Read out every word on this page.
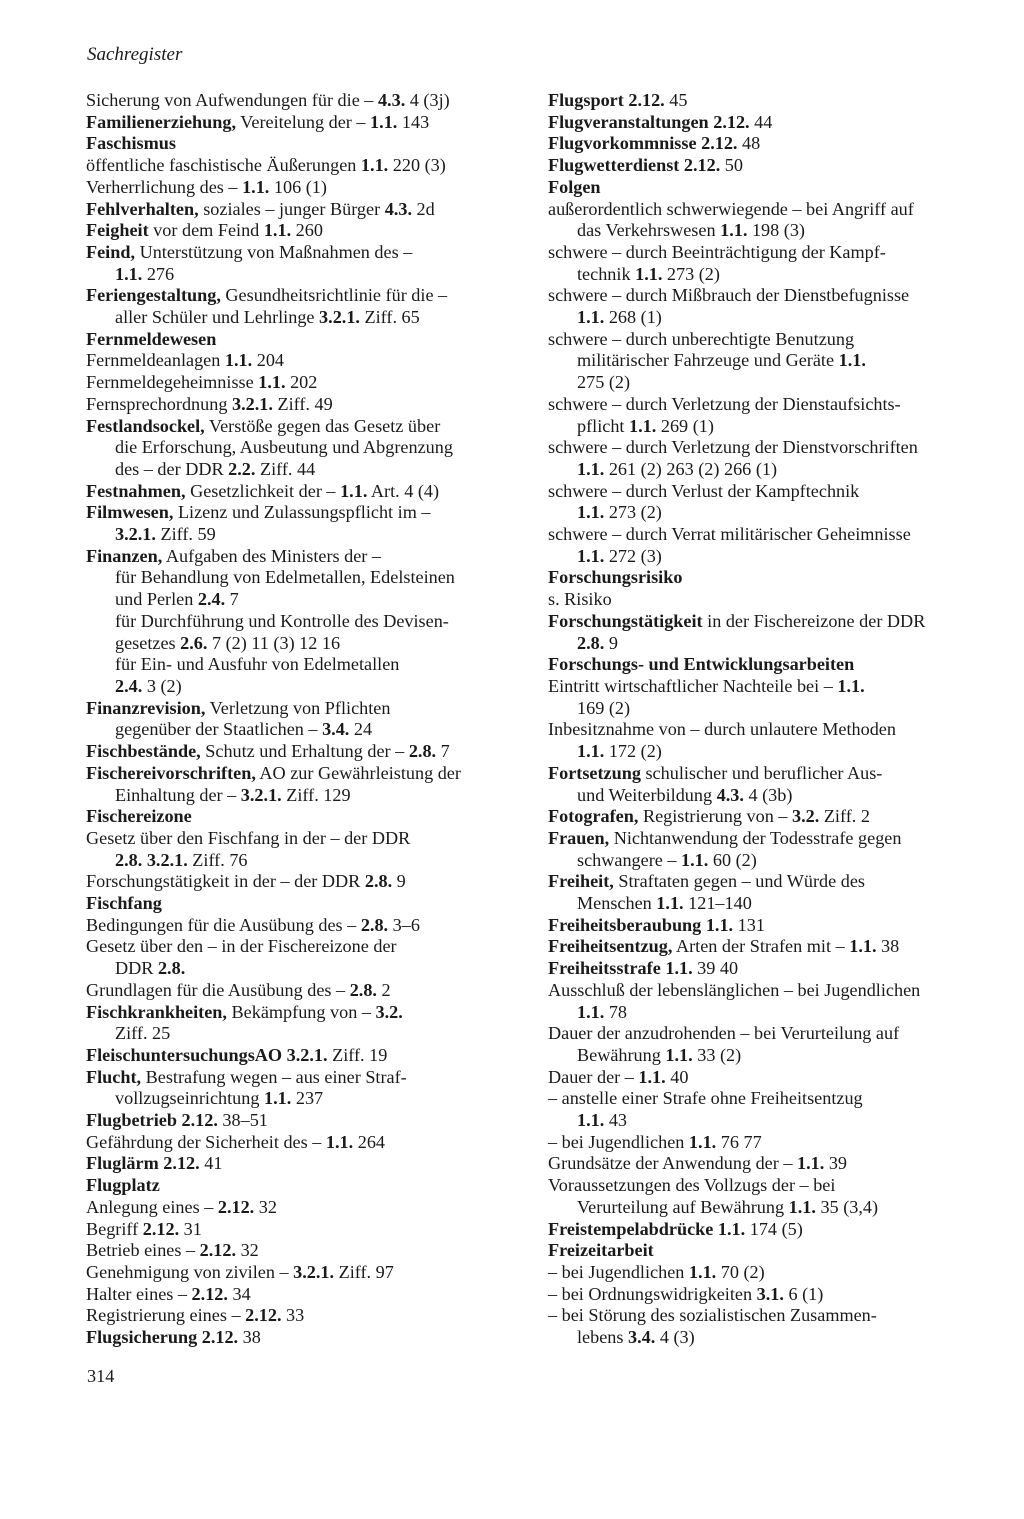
Sachregister
Sicherung von Aufwendungen für die – 4.3. 4 (3j)
Familienerziehung, Vereitelung der – 1.1. 143
Faschismus
öffentliche faschistische Äußerungen 1.1. 220 (3)
Verherrlichung des – 1.1. 106 (1)
Fehlverhalten, soziales – junger Bürger 4.3. 2d
Feigheit vor dem Feind 1.1. 260
Feind, Unterstützung von Maßnahmen des –
1.1. 276
Feriengestaltung, Gesundheitsrichtlinie für die –
aller Schüler und Lehrlinge 3.2.1. Ziff. 65
Fernmeldewesen
Fernmeldeanlagen 1.1. 204
Fernmeldegeheimnisse 1.1. 202
Fernsprechordnung 3.2.1. Ziff. 49
Festlandsockel, Verstöße gegen das Gesetz über
die Erforschung, Ausbeutung und Abgrenzung
des – der DDR 2.2. Ziff. 44
Festnahmen, Gesetzlichkeit der – 1.1. Art. 4 (4)
Filmwesen, Lizenz und Zulassungspflicht im –
3.2.1. Ziff. 59
Finanzen, Aufgaben des Ministers der –
für Behandlung von Edelmetallen, Edelsteinen
und Perlen 2.4. 7
für Durchführung und Kontrolle des Devisen-
gesetzes 2.6. 7 (2) 11 (3) 12 16
für Ein- und Ausfuhr von Edelmetallen
2.4. 3 (2)
Finanzrevision, Verletzung von Pflichten
gegenüber der Staatlichen – 3.4. 24
Fischbestände, Schutz und Erhaltung der – 2.8. 7
Fischereivorschriften, AO zur Gewährleistung der
Einhaltung der – 3.2.1. Ziff. 129
Fischereizone
Gesetz über den Fischfang in der – der DDR
2.8. 3.2.1. Ziff. 76
Forschungstätigkeit in der – der DDR 2.8. 9
Fischfang
Bedingungen für die Ausübung des – 2.8. 3–6
Gesetz über den – in der Fischereizone der
DDR 2.8.
Grundlagen für die Ausübung des – 2.8. 2
Fischkrankheiten, Bekämpfung von – 3.2.
Ziff. 25
FleischuntersuchungsAO 3.2.1. Ziff. 19
Flucht, Bestrafung wegen – aus einer Straf-
vollzugseinrichtung 1.1. 237
Flugbetrieb 2.12. 38–51
Gefährdung der Sicherheit des – 1.1. 264
Fluglärm 2.12. 41
Flugplatz
Anlegung eines – 2.12. 32
Begriff 2.12. 31
Betrieb eines – 2.12. 32
Genehmigung von zivilen – 3.2.1. Ziff. 97
Halter eines – 2.12. 34
Registrierung eines – 2.12. 33
Flugsicherung 2.12. 38
Flugsport 2.12. 45
Flugveranstaltungen 2.12. 44
Flugvorkommnisse 2.12. 48
Flugwetterdienst 2.12. 50
Folgen
außerordentlich schwerwiegende – bei Angriff auf
das Verkehrswesen 1.1. 198 (3)
schwere – durch Beeinträchtigung der Kampf-
technik 1.1. 273 (2)
schwere – durch Mißbrauch der Dienstbefugnisse
1.1. 268 (1)
schwere – durch unberechtigte Benutzung
militärischer Fahrzeuge und Geräte 1.1.
275 (2)
schwere – durch Verletzung der Dienstaufsichts-
pflicht 1.1. 269 (1)
schwere – durch Verletzung der Dienstvorschriften
1.1. 261 (2) 263 (2) 266 (1)
schwere – durch Verlust der Kampftechnik
1.1. 273 (2)
schwere – durch Verrat militärischer Geheimnisse
1.1. 272 (3)
Forschungsrisiko
s. Risiko
Forschungstätigkeit in der Fischereizone der DDR
2.8. 9
Forschungs- und Entwicklungsarbeiten
Eintritt wirtschaftlicher Nachteile bei – 1.1.
169 (2)
Inbesitznahme von – durch unlautere Methoden
1.1. 172 (2)
Fortsetzung schulischer und beruflicher Aus-
und Weiterbildung 4.3. 4 (3b)
Fotografen, Registrierung von – 3.2. Ziff. 2
Frauen, Nichtanwendung der Todesstrafe gegen
schwangere – 1.1. 60 (2)
Freiheit, Straftaten gegen – und Würde des
Menschen 1.1. 121–140
Freiheitsberaubung 1.1. 131
Freiheitsentzug, Arten der Strafen mit – 1.1. 38
Freiheitsstrafe 1.1. 39 40
Ausschluß der lebenslänglichen – bei Jugendlichen
1.1. 78
Dauer der anzudrohenden – bei Verurteilung auf
Bewährung 1.1. 33 (2)
Dauer der – 1.1. 40
– anstelle einer Strafe ohne Freiheitsentzug
1.1. 43
– bei Jugendlichen 1.1. 76 77
Grundsätze der Anwendung der – 1.1. 39
Voraussetzungen des Vollzugs der – bei
Verurteilung auf Bewährung 1.1. 35 (3,4)
Freistempelabdrücke 1.1. 174 (5)
Freizeitarbeit
– bei Jugendlichen 1.1. 70 (2)
– bei Ordnungswidrigkeiten 3.1. 6 (1)
– bei Störung des sozialistischen Zusammen-
lebens 3.4. 4 (3)
314
